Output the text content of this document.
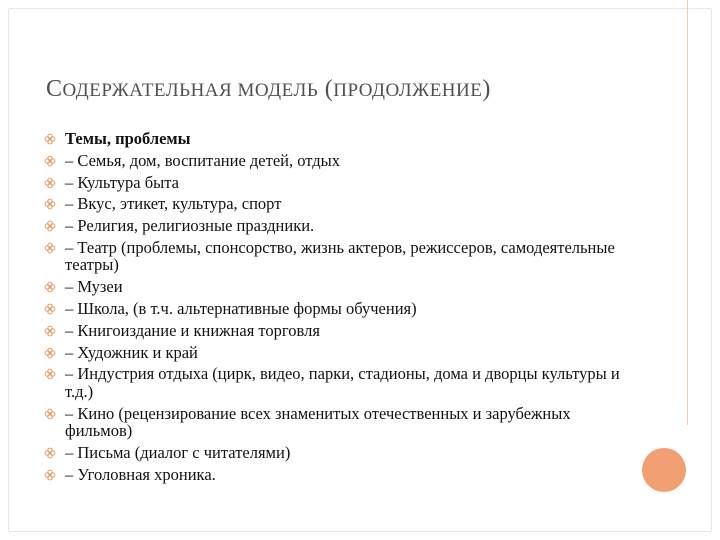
СОДЕРЖАТЕЛЬНАЯ МОДЕЛЬ (ПРОДОЛЖЕНИЕ)
Темы, проблемы
– Семья, дом, воспитание детей, отдых
– Культура быта
– Вкус, этикет, культура, спорт
– Религия, религиозные праздники.
– Театр (проблемы, спонсорство, жизнь актеров, режиссеров, самодеятельные театры)
– Музеи
– Школа, (в т.ч. альтернативные формы обучения)
– Книгоиздание и книжная торговля
– Художник и край
– Индустрия отдыха (цирк, видео, парки, стадионы, дома и дворцы культуры и т.д.)
– Кино (рецензирование всех знаменитых отечественных и зарубежных фильмов)
– Письма (диалог с читателями)
– Уголовная хроника.
